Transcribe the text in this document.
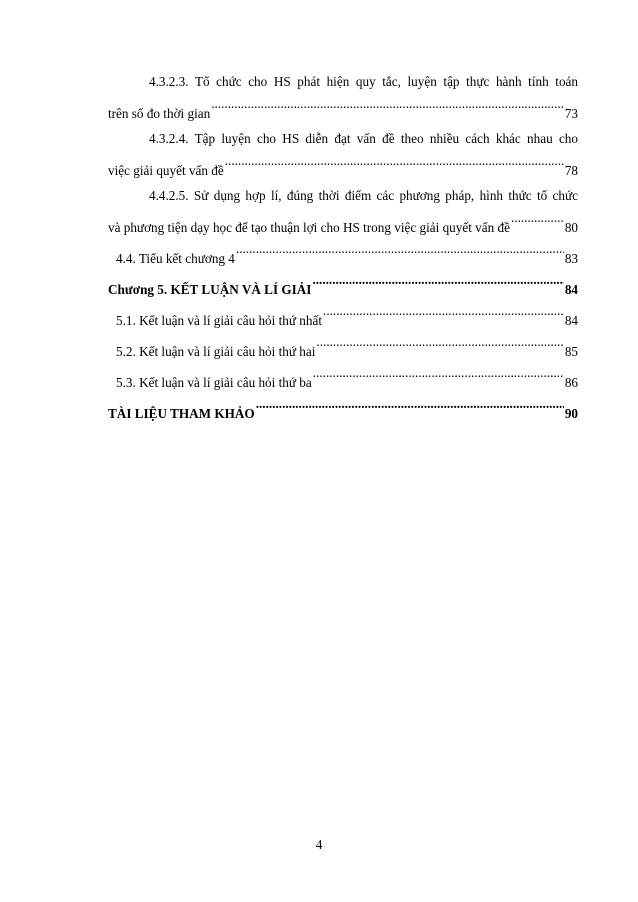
4.3.2.3. Tổ chức cho HS phát hiện quy tắc, luyện tập thực hành tính toán
trên số đo thời gian .....	73
4.3.2.4. Tập luyện cho HS diễn đạt vấn đề theo nhiều cách khác nhau cho
việc giải quyết vấn đề .....	78
4.4.2.5. Sử dụng hợp lí, đúng thời điểm các phương pháp, hình thức tổ chức
và phương tiện dạy học để tạo thuận lợi cho HS trong việc giải quyết vấn đề .....	80
4.4. Tiểu kết chương 4 .....	83
Chương 5. KẾT LUẬN VÀ LÍ GIẢI .....	84
5.1. Kết luận và lí giải câu hỏi thứ nhất .....	84
5.2. Kết luận và lí giải câu hỏi thứ hai .....	85
5.3. Kết luận và lí giải câu hỏi thứ ba .....	86
TÀI LIỆU THAM KHẢO .....	90
4
